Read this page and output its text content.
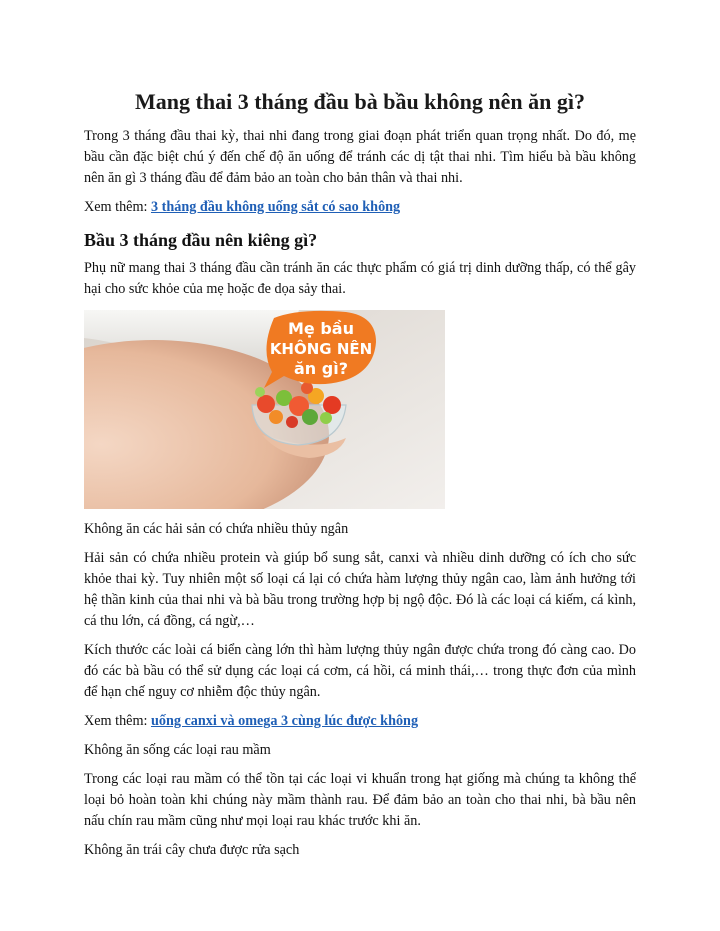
Mang thai 3 tháng đầu bà bầu không nên ăn gì?

Trong 3 tháng đầu thai kỳ, thai nhi đang trong giai đoạn phát triển quan trọng nhất. Do đó, mẹ bầu cần đặc biệt chú ý đến chế độ ăn uống để tránh các dị tật thai nhi. Tìm hiểu bà bầu không nên ăn gì 3 tháng đầu để đảm bảo an toàn cho bản thân và thai nhi.

Xem thêm: 3 tháng đầu không uống sắt có sao không

Bầu 3 tháng đầu nên kiêng gì?

Phụ nữ mang thai 3 tháng đầu cần tránh ăn các thực phẩm có giá trị dinh dưỡng thấp, có thể gây hại cho sức khỏe của mẹ hoặc đe dọa sảy thai.

Mẹ bầu
KHÔNG NÊN
ăn gì?

Không ăn các hải sản có chứa nhiều thủy ngân

Hải sản có chứa nhiều protein và giúp bổ sung sắt, canxi và nhiều dinh dưỡng có ích cho sức khỏe thai kỳ. Tuy nhiên một số loại cá lại có chứa hàm lượng thủy ngân cao, làm ảnh hưởng tới hệ thần kinh của thai nhi và bà bầu trong trường hợp bị ngộ độc. Đó là các loại cá kiếm, cá kình, cá thu lớn, cá đồng, cá ngừ,…

Kích thước các loài cá biển càng lớn thì hàm lượng thủy ngân được chứa trong đó càng cao. Do đó các bà bầu có thể sử dụng các loại cá cơm, cá hồi, cá minh thái,… trong thực đơn của mình để hạn chế nguy cơ nhiễm độc thủy ngân.

Xem thêm: uống canxi và omega 3 cùng lúc được không

Không ăn sống các loại rau mầm

Trong các loại rau mầm có thể tồn tại các loại vi khuẩn trong hạt giống mà chúng ta không thể loại bỏ hoàn toàn khi chúng này mầm thành rau. Để đảm bảo an toàn cho thai nhi, bà bầu nên nấu chín rau mầm cũng như mọi loại rau khác trước khi ăn.

Không ăn trái cây chưa được rửa sạch
